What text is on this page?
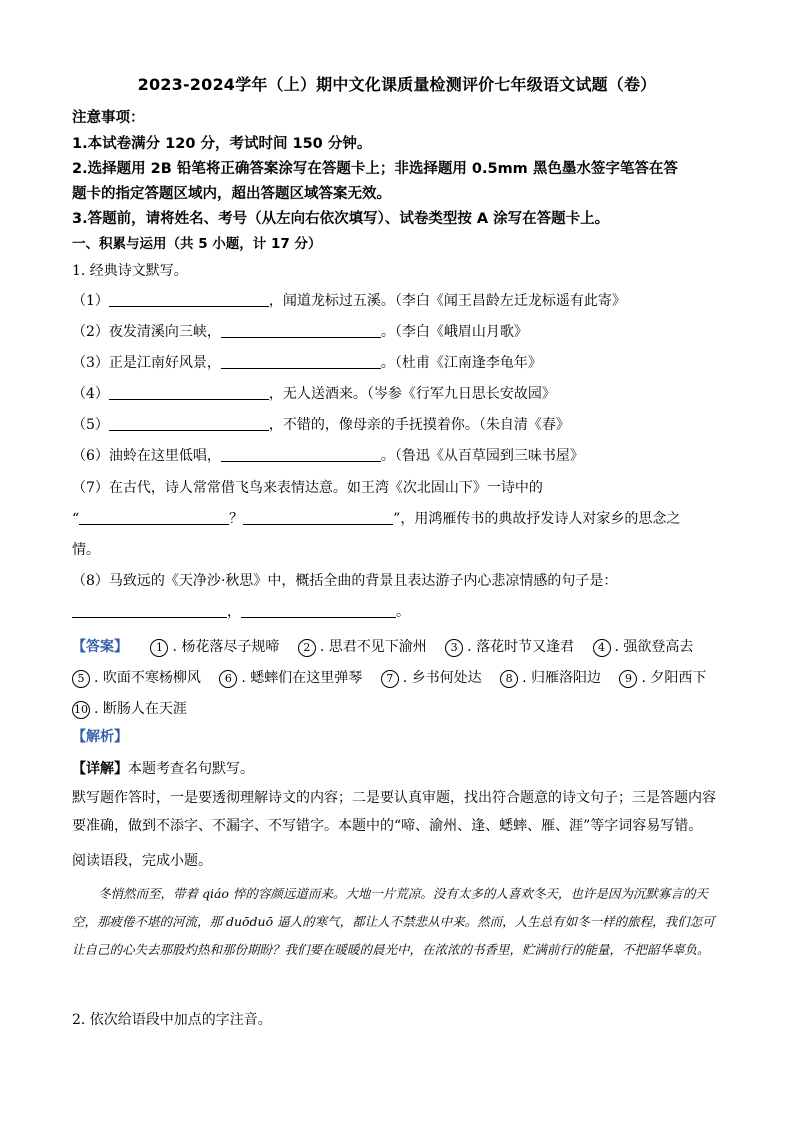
2023-2024学年（上）期中文化课质量检测评价七年级语文试题（卷）
注意事项：
1.本试卷满分 120 分，考试时间 150 分钟。
2.选择题用 2B 铅笔将正确答案涂写在答题卡上；非选择题用 0.5mm 黑色墨水签字笔答在答
题卡的指定答题区域内，超出答题区域答案无效。
3.答题前，请将姓名、考号（从左向右依次填写）、试卷类型按 A 涂写在答题卡上。
一、积累与运用（共 5 小题，计 17 分）
1. 经典诗文默写。
（1）	，闻道龙标过五溪。（李白《闻王昌龄左迁龙标遥有此寄》
（2）夜发清溪向三峡，	。（李白《峨眉山月歌》
（3）正是江南好风景，	。（杜甫《江南逢李龟年》
（4）	，无人送酒来。（岑参《行军九日思长安故园》
（5）	，不错的，像母亲的手抚摸着你。（朱自清《春》
（6）油蛉在这里低唱，	。（鲁迅《从百草园到三味书屋》
（7）在古代，诗人常常借飞鸟来表情达意。如王湾《次北固山下》一诗中的
“	？	”，用鸿雁传书的典故抒发诗人对家乡的思念之
情。
（8）马致远的《天净沙·秋思》中，概括全曲的背景且表达游子内心悲凉情感的句子是：
，	。
【答案】	1 . 杨花落尽子规啼 2 . 思君不见下渝州 3 . 落花时节又逢君 4 . 强欲登高去 5 . 吹面不寒杨柳风 6 . 蟋蟀们在这里弹琴 7 . 乡书何处达 8 . 归雁洛阳边 9 . 夕阳西下 10 . 断肠人在天涯
【解析】
【详解】本题考查名句默写。
默写题作答时，一是要透彻理解诗文的内容；二是要认真审题，找出符合题意的诗文句子；三是答题内容要准确，做到不添字、不漏字、不写错字。本题中的“啼、渝州、逢、蟋蟀、雁、涯”等字词容易写错。
阅读语段，完成小题。
冬悄然而至，带着 qiáo 悴的容颜远道而来。大地一片荒凉。没有太多的人喜欢冬天，也许是因为沉默寡言的天空，那疲倦不堪的河流，那 duōduō 逼人的寒气，都让人不禁悲从中来。然而，人生总有如冬一样的旅程，我们怎可让自己的心失去那股灼热和那份期盼？我们要在暖暖的晨光中，在浓浓的书香里，贮满前行的能量，不把韶华辜负。
2. 依次给语段中加点的字注音。
